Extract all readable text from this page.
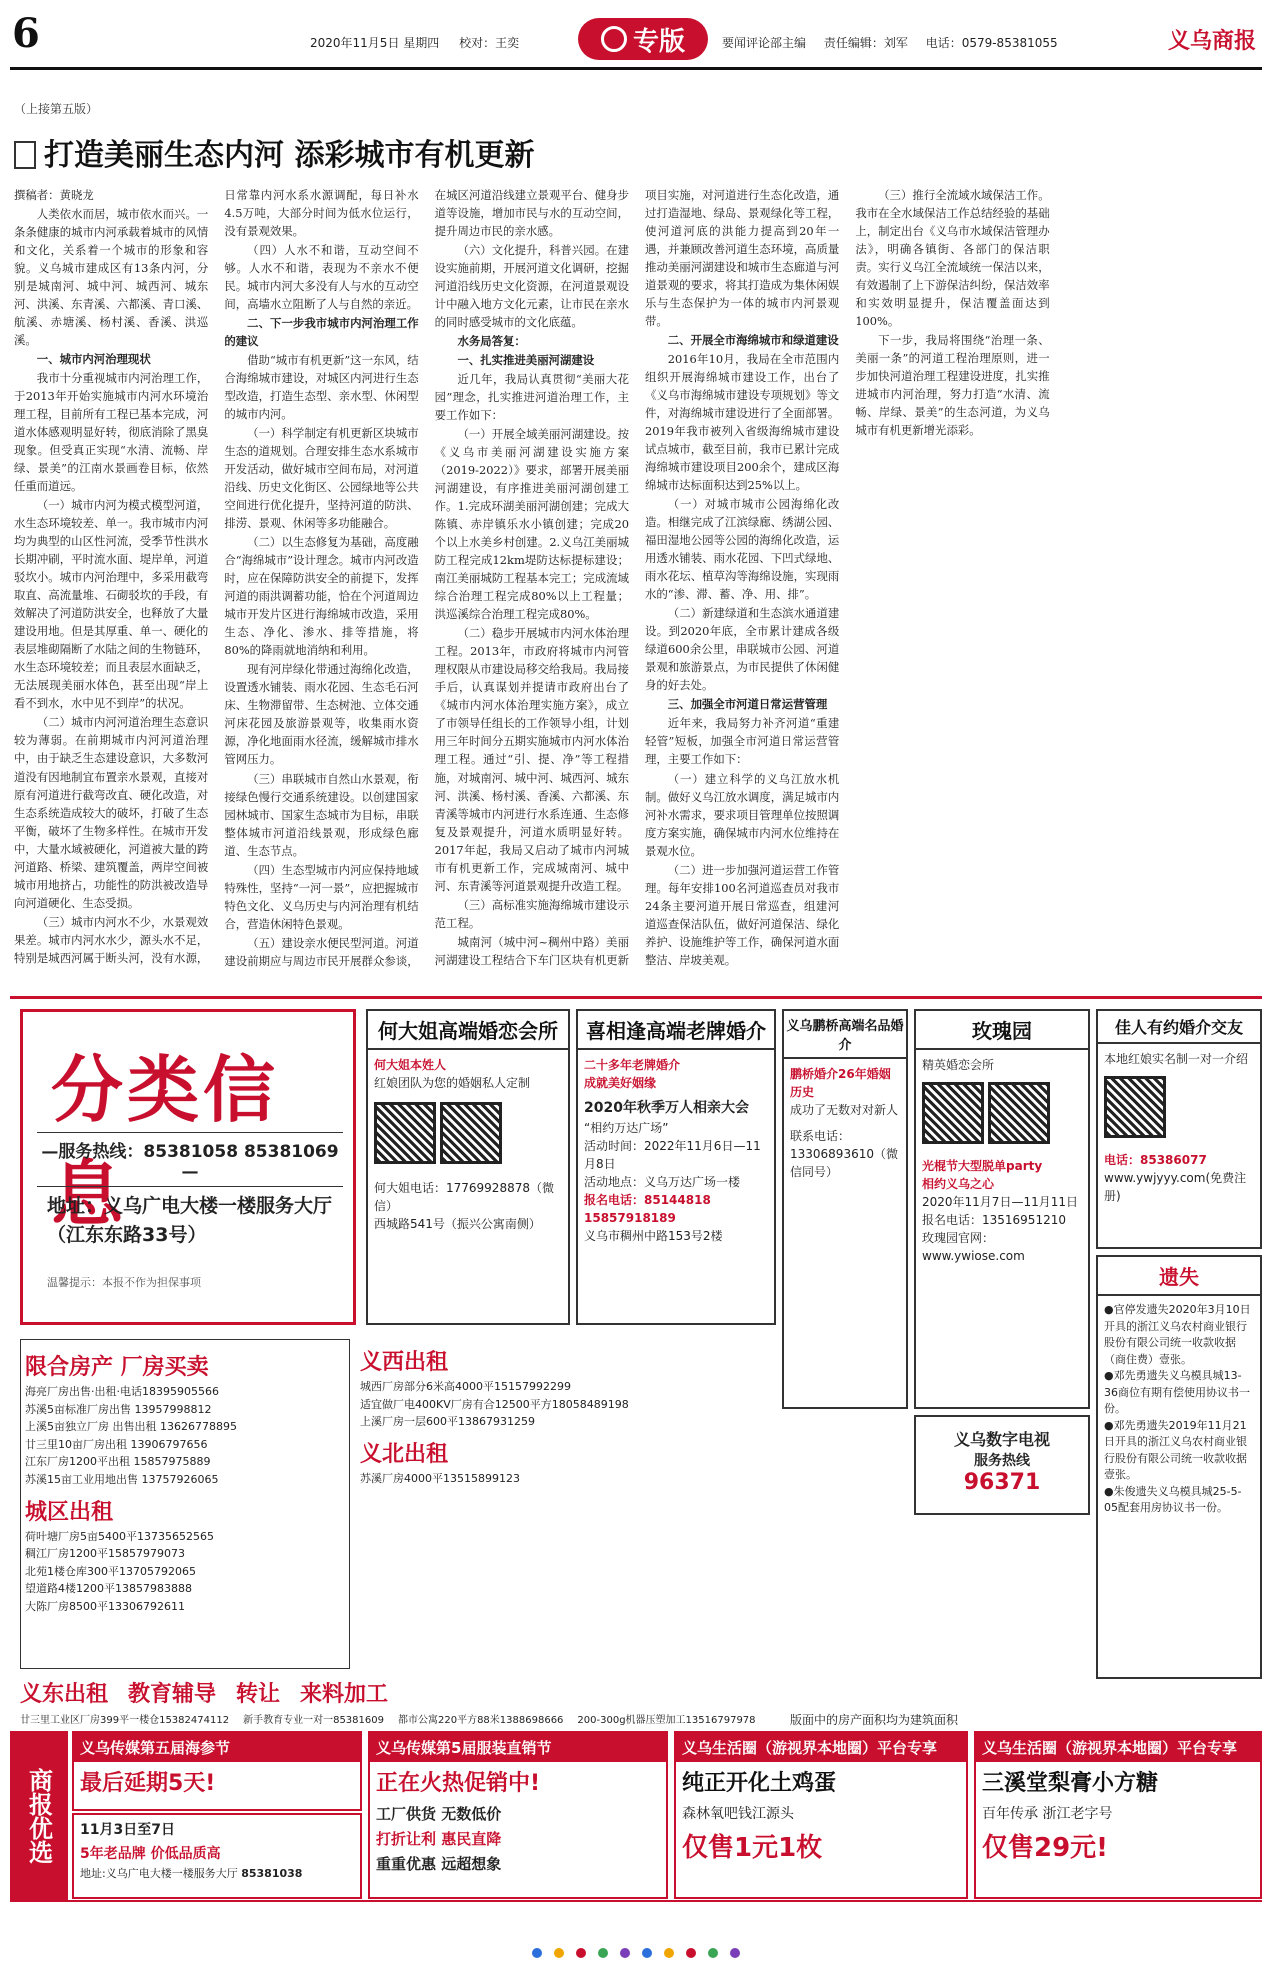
6	2020年11月5日 星期四 校对：王奕	专版	要闻评论部主编 责任编辑：刘军 电话：0579-85381055	义乌商报
（上接第五版）
打造美丽生态内河 添彩城市有机更新

撰稿者：黄晓龙

人类依水而居，城市依水而兴。一条条健康的城市内河承载着城市的风情和文化，关系着一个城市的形象和容貌。义乌城市建成区有13条内河，分别是城南河、城中河、城西河、城东河、洪溪、东青溪、六都溪、青口溪、航溪、赤塘溪、杨村溪、香溪、洪巡溪。

一、城市内河治理现状

我市十分重视城市内河治理工作，于2013年开始实施城市内河水环境治理工程，目前所有工程已基本完成，河道水体感观明显好转，彻底消除了黑臭现象。但受真正实现“水清、流畅、岸绿、景美”的江南水景画卷目标，依然任重而道远。

（一）城市内河为模式模型河道，水生态环境较差、单一。我市城市内河均为典型的山区性河流，受季节性洪水长期冲刷，平时流水面、堤岸单，河道驳坎小。城市内河治理中，多采用截弯取直、高流量堆、石砌驳坎的手段，有效解决了河道防洪安全，也释放了大量建设用地。但是其厚重、单一、硬化的表层堆砌隔断了水陆之间的生物链环，水生态环境较差；而且表层水面缺乏，无法展现美丽水体色，甚至出现“岸上看不到水，水中见不到岸”的状况。

（二）城市内河河道治理生态意识较为薄弱。在前期城市内河河道治理中，由于缺乏生态建设意识，大多数河道没有因地制宜布置亲水景观，直接对原有河道进行截弯改直、硬化改造，对生态系统造成较大的破坏，打破了生态平衡，破坏了生物多样性。在城市开发中，大量水域被硬化，河道被大量的跨河道路、桥梁、建筑覆盖，两岸空间被城市用地挤占，功能性的防洪被改造导向河道硬化、生态受损。

（三）城市内河水不少，水景观效果差。城市内河水水少，源头水不足，特别是城西河属于断头河，没有水源，日常靠内河水系水源调配，每日补水4.5万吨，大部分时间为低水位运行，没有景观效果。

（四）人水不和谐，互动空间不够。人水不和谐，表现为不亲水不便民。城市内河大多没有人与水的互动空间，高墙水立阻断了人与自然的亲近。

二、下一步我市城市内河治理工作的建议

借助“城市有机更新”这一东风，结合海绵城市建设，对城区内河进行生态型改造，打造生态型、亲水型、休闲型的城市内河。

（一）科学制定有机更新区块城市生态的道规划。合理安排生态水系城市开发活动，做好城市空间布局，对河道沿线、历史文化街区、公园绿地等公共空间进行优化提升，坚持河道的防洪、排涝、景观、休闲等多功能融合。

（二）以生态修复为基础，高度融合“海绵城市”设计理念。城市内河改造时，应在保障防洪安全的前提下，发挥河道的雨洪调蓄功能，恰在个河道周边城市开发片区进行海绵城市改造，采用生态、净化、渗水、排等措施，将80%的降雨就地消纳和利用。

现有河岸绿化带通过海绵化改造，设置透水铺装、雨水花园、生态毛石河床、生物滞留带、生态树池、立体交通河床花园及旅游景观等，收集雨水资源，净化地面雨水径流，缓解城市排水管网压力。

（三）串联城市自然山水景观，衔接绿色慢行交通系统建设。以创建国家园林城市、国家生态城市为目标，串联整体城市河道沿线景观，形成绿色廊道、生态节点。

（四）生态型城市内河应保持地域特殊性，坚持“一河一景”，应把握城市特色文化、义乌历史与内河治理有机结合，营造休闲特色景观。

（五）建设亲水便民型河道。河道建设前期应与周边市民开展群众参谈，在城区河道沿线建立景观平台、健身步道等设施，增加市民与水的互动空间，提升周边市民的亲水感。

（六）文化提升，科普兴园。在建设实施前期，开展河道文化调研，挖掘河道沿线历史文化资源，在河道景观设计中融入地方文化元素，让市民在亲水的同时感受城市的文化底蕴。

水务局答复：

一、扎实推进美丽河湖建设

近几年，我局认真贯彻“美丽大花园”理念，扎实推进河道治理工作，主要工作如下：

（一）开展全域美丽河湖建设。按《义乌市美丽河湖建设实施方案（2019-2022）》要求，部署开展美丽河湖建设，有序推进美丽河湖创建工作。1.完成环湖美丽河湖创建；完成大陈镇、赤岸镇乐水小镇创建；完成20个以上水美乡村创建。2.义乌江美丽城防工程完成12km堤防达标提标建设；南江美丽城防工程基本完工；完成流域综合治理工程完成80%以上工程量；洪巡溪综合治理工程完成80%。

（二）稳步开展城市内河水体治理工程。2013年，市政府将城市内河管理权限从市建设局移交给我局。我局接手后，认真谋划并提请市政府出台了《城市内河水体治理实施方案》，成立了市领导任组长的工作领导小组，计划用三年时间分五期实施城市内河水体治理工程。通过“引、提、净”等工程措施，对城南河、城中河、城西河、城东河、洪溪、杨村溪、香溪、六都溪、东青溪等城市内河进行水系连通、生态修复及景观提升，河道水质明显好转。2017年起，我局又启动了城市内河城市有机更新工作，完成城南河、城中河、东青溪等河道景观提升改造工程。

（三）高标准实施海绵城市建设示范工程。

城南河（城中河~稠州中路）美丽河湖建设工程结合下车门区块有机更新项目实施，对河道进行生态化改造，通过打造湿地、绿岛、景观绿化等工程，使河道河底的洪能力提高到20年一遇，并兼顾改善河道生态环境，高质量推动美丽河湖建设和城市生态廊道与河道景观的要求，将其打造成为集休闲娱乐与生态保护为一体的城市内河景观带。

二、开展全市海绵城市和绿道建设

2016年10月，我局在全市范围内组织开展海绵城市建设工作，出台了《义乌市海绵城市建设专项规划》等文件，对海绵城市建设进行了全面部署。2019年我市被列入省级海绵城市建设试点城市，截至目前，我市已累计完成海绵城市建设项目200余个，建成区海绵城市达标面积达到25%以上。

（一）对城市城市公园海绵化改造。相继完成了江滨绿廊、绣湖公园、福田湿地公园等公园的海绵化改造，运用透水铺装、雨水花园、下凹式绿地、雨水花坛、植草沟等海绵设施，实现雨水的“渗、滞、蓄、净、用、排”。

（二）新建绿道和生态滨水通道建设。到2020年底，全市累计建成各级绿道600余公里，串联城市公园、河道景观和旅游景点，为市民提供了休闲健身的好去处。

三、加强全市河道日常运营管理

近年来，我局努力补齐河道“重建轻管”短板，加强全市河道日常运营管理，主要工作如下：

（一）建立科学的义乌江放水机制。做好义乌江放水调度，满足城市内河补水需求，要求项目管理单位按照调度方案实施，确保城市内河水位维持在景观水位。

（二）进一步加强河道运营工作管理。每年安排100名河道巡查员对我市24条主要河道开展日常巡查，组建河道巡查保洁队伍，做好河道保洁、绿化养护、设施维护等工作，确保河道水面整洁、岸坡美观。

（三）推行全流域水域保洁工作。我市在全水域保洁工作总结经验的基础上，制定出台《义乌市水域保洁管理办法》，明确各镇街、各部门的保洁职责。实行义乌江全流域统一保洁以来，有效遏制了上下游保洁纠纷，保洁效率和实效明显提升，保洁覆盖面达到100%。

下一步，我局将围绕“治理一条、美丽一条”的河道工程治理原则，进一步加快河道治理工程建设进度，扎实推进城市内河治理，努力打造“水清、流畅、岸绿、景美”的生态河道，为义乌城市有机更新增光添彩。

分类信息
—服务热线：85381058 85381069—
地址：义乌广电大楼一楼服务大厅
（江东东路33号）
温馨提示：本报不作为担保事项
何大姐高端婚恋会所
何大姐本姓人
红娘团队为您的婚姻私人定制

何大姐电话：17769928878（微信）
西城路541号（振兴公寓南侧）
喜相逢高端老牌婚介
二十多年老牌婚介
成就美好姻缘
2020年秋季万人相亲大会
“相约万达广场”
活动时间：2022年11月6日—11月8日
活动地点：义乌万达广场一楼
报名电话：85144818 15857918189
义乌市稠州中路153号2楼
义乌鹏桥高端名品婚介
鹏桥婚介26年婚姻历史
成功了无数对对新人
联系电话：13306893610（微信同号）
玫瑰园
精英婚恋会所

光棍节大型脱单party
相约义乌之心
2020年11月7日—11月11日
报名电话：13516951210
玫瑰园官网：www.ywiose.com
佳人有约婚介交友
本地红娘实名制一对一介绍
电话：85386077
www.ywjyyy.com(免费注册)
遗失
●官停发遗失2020年3月10日开具的浙江义乌农村商业银行股份有限公司统一收款收据（商住费）壹张。
●邓先勇遗失义乌模具城13-36商位有期有偿使用协议书一份。
●邓先勇遗失2019年11月21日开具的浙江义乌农村商业银行股份有限公司统一收款收据壹张。
●朱俊遗失义乌模具城25-5-05配套用房协议书一份。
义乌数字电视
服务热线
96371
限合房产 厂房买卖
海亮厂房出售·出租·电话18395905566
苏溪5亩标准厂房出售 13957998812
上溪5亩独立厂房 出售出租 13626778895
廿三里10亩厂房出租 13906797656
江东厂房1200平出租 15857975889
苏溪15亩工业用地出售 13757926065
城区出租
荷叶塘厂房5亩5400平13735652565
稠江厂房1200平15857979073
北苑1楼仓库300平13705792065
望道路4楼1200平13857983888
大陈厂房8500平13306792611
义西出租
城西厂房部分6米高4000平15157992299
适宜做厂电400KV厂房有合12500平方18058489198
上溪厂房一层600平13867931259
义北出租
苏溪厂房4000平13515899123
义东出租 教育辅导 转让 来料加工
廿三里工业区厂房399平一楼仓15382474112 新手教育专业一对一85381609 都市公寓220平方88米1388698666 200-300g机器压塑加工13516797978	版面中的房产面积均为建筑面积
商报优选
义乌传媒第五届海参节
最后延期5天!
11月3日至7日
5年老品牌 价低品质高
地址:义乌广电大楼一楼服务大厅 85381038
义乌传媒第5届服装直销节
正在火热促销中!
工厂供货 无数低价
打折让利 惠民直降
重重优惠 远超想象
义乌生活圈（游视界本地圈）平台专享
纯正开化土鸡蛋
森林氧吧钱江源头
仅售1元1枚
义乌生活圈（游视界本地圈）平台专享
三溪堂梨膏小方糖
百年传承 浙江老字号
仅售29元!
